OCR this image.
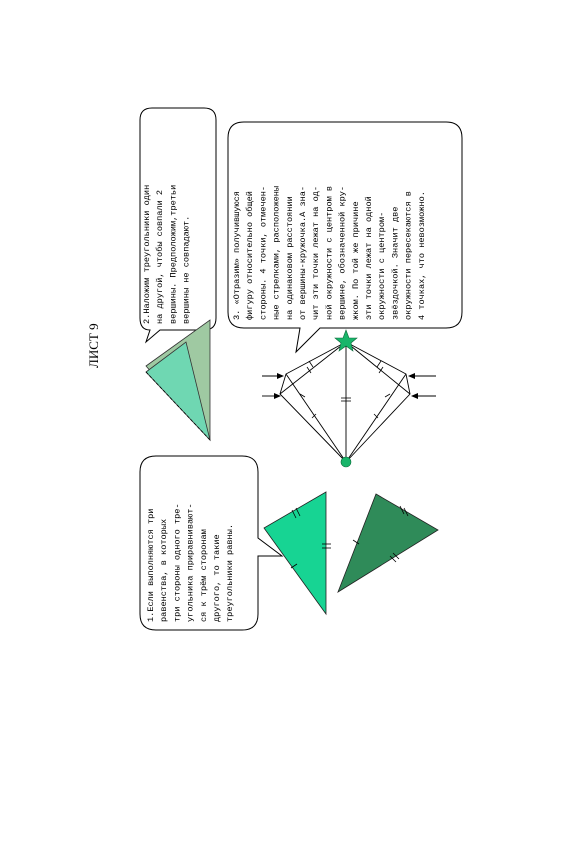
ЛИСТ 9
2.Наложим треугольники один на другой, чтобы совпали 2 вершины. Предположим,третьи вершины не совпадают.	3. «Отразим» получившуюся фигуру относительно общей стороны. 4 точки, отмечен- ные стрелками, расположены на одинаковом расстоянии от вершины-кружочка.А зна- чит эти точки лежат на од- ной окружности с центром в вершине, обозначенной кру- жком. По той же причине эти точки лежат на одной окружности с центром- звёздочкой. Значит две окружности пересекаются в 4 точках, что невозможно.
1.Если выполняются три равенства, в которых три стороны одного тре- угольника приравнивают- ся к трём сторонам другого, то такие треугольники равны.
